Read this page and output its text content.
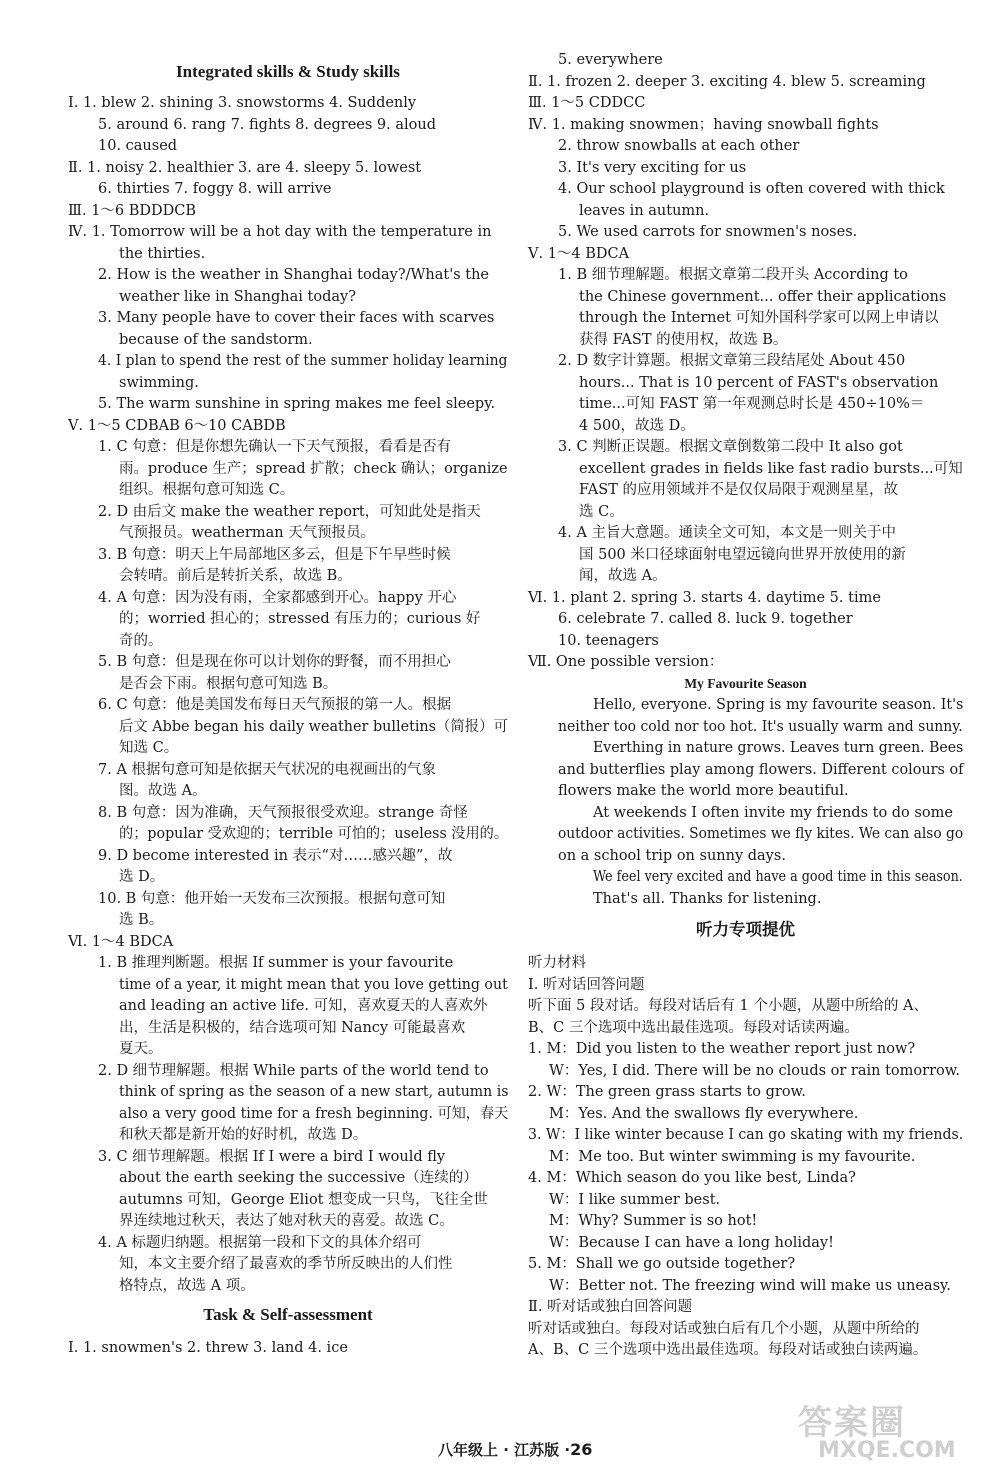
Integrated skills & Study skills
Ⅰ. 1. blew 2. shining 3. snowstorms 4. Suddenly
5. around 6. rang 7. fights 8. degrees 9. aloud
10. caused
Ⅱ. 1. noisy 2. healthier 3. are 4. sleepy 5. lowest
6. thirties 7. foggy 8. will arrive
Ⅲ. 1～6 BDDDCB
Ⅳ. 1. Tomorrow will be a hot day with the temperature in
the thirties.
2. How is the weather in Shanghai today?/What's the
weather like in Shanghai today?
3. Many people have to cover their faces with scarves
because of the sandstorm.
4. I plan to spend the rest of the summer holiday learning
swimming.
5. The warm sunshine in spring makes me feel sleepy.
Ⅴ. 1～5 CDBAB 6～10 CABDB
1. C 句意：但是你想先确认一下天气预报，看看是否有
雨。produce 生产；spread 扩散；check 确认；organize
组织。根据句意可知选 C。
2. D 由后文 make the weather report，可知此处是指天
气预报员。weatherman 天气预报员。
3. B 句意：明天上午局部地区多云，但是下午早些时候
会转晴。前后是转折关系，故选 B。
4. A 句意：因为没有雨，全家都感到开心。happy 开心
的；worried 担心的；stressed 有压力的；curious 好
奇的。
5. B 句意：但是现在你可以计划你的野餐，而不用担心
是否会下雨。根据句意可知选 B。
6. C 句意：他是美国发布每日天气预报的第一人。根据
后文 Abbe began his daily weather bulletins（简报）可
知选 C。
7. A 根据句意可知是依据天气状况的电视画出的气象
图。故选 A。
8. B 句意：因为准确，天气预报很受欢迎。strange 奇怪
的；popular 受欢迎的；terrible 可怕的；useless 没用的。
9. D become interested in 表示“对……感兴趣”，故
选 D。
10. B 句意：他开始一天发布三次预报。根据句意可知
选 B。
Ⅵ. 1～4 BDCA
1. B 推理判断题。根据 If summer is your favourite
time of a year, it might mean that you love getting out
and leading an active life. 可知，喜欢夏天的人喜欢外
出，生活是积极的，结合选项可知 Nancy 可能最喜欢
夏天。
2. D 细节理解题。根据 While parts of the world tend to
think of spring as the season of a new start, autumn is
also a very good time for a fresh beginning. 可知，春天
和秋天都是新开始的好时机，故选 D。
3. C 细节理解题。根据 If I were a bird I would fly
about the earth seeking the successive（连续的）
autumns 可知，George Eliot 想变成一只鸟，飞往全世
界连续地过秋天，表达了她对秋天的喜爱。故选 C。
4. A 标题归纳题。根据第一段和下文的具体介绍可
知，本文主要介绍了最喜欢的季节所反映出的人们性
格特点，故选 A 项。
Task & Self-assessment
Ⅰ. 1. snowmen's 2. threw 3. land 4. ice
5. everywhere
Ⅱ. 1. frozen 2. deeper 3. exciting 4. blew 5. screaming
Ⅲ. 1～5 CDDCC
Ⅳ. 1. making snowmen；having snowball fights
2. throw snowballs at each other
3. It's very exciting for us
4. Our school playground is often covered with thick
leaves in autumn.
5. We used carrots for snowmen's noses.
Ⅴ. 1～4 BDCA
1. B 细节理解题。根据文章第二段开头 According to
the Chinese government... offer their applications
through the Internet 可知外国科学家可以网上申请以
获得 FAST 的使用权，故选 B。
2. D 数字计算题。根据文章第三段结尾处 About 450
hours... That is 10 percent of FAST's observation
time...可知 FAST 第一年观测总时长是 450÷10%＝
4 500，故选 D。
3. C 判断正误题。根据文章倒数第二段中 It also got
excellent grades in fields like fast radio bursts...可知
FAST 的应用领域并不是仅仅局限于观测星星，故
选 C。
4. A 主旨大意题。通读全文可知，本文是一则关于中
国 500 米口径球面射电望远镜向世界开放使用的新
闻，故选 A。
Ⅵ. 1. plant 2. spring 3. starts 4. daytime 5. time
6. celebrate 7. called 8. luck 9. together
10. teenagers
Ⅶ. One possible version：
My Favourite Season
Hello, everyone. Spring is my favourite season. It's
neither too cold nor too hot. It's usually warm and sunny.
Everthing in nature grows. Leaves turn green. Bees
and butterflies play among flowers. Different colours of
flowers make the world more beautiful.
At weekends I often invite my friends to do some
outdoor activities. Sometimes we fly kites. We can also go
on a school trip on sunny days.
We feel very excited and have a good time in this season.
That's all. Thanks for listening.
听力专项提优
听力材料
Ⅰ. 听对话回答问题
听下面 5 段对话。每段对话后有 1 个小题，从题中所给的 A、
B、C 三个选项中选出最佳选项。每段对话读两遍。
1. M：Did you listen to the weather report just now?
W：Yes, I did. There will be no clouds or rain tomorrow.
2. W：The green grass starts to grow.
M：Yes. And the swallows fly everywhere.
3. W：I like winter because I can go skating with my friends.
M：Me too. But winter swimming is my favourite.
4. M：Which season do you like best, Linda?
W：I like summer best.
M：Why? Summer is so hot!
W：Because I can have a long holiday!
5. M：Shall we go outside together?
W：Better not. The freezing wind will make us uneasy.
Ⅱ. 听对话或独白回答问题
听对话或独白。每段对话或独白后有几个小题，从题中所给的
A、B、C 三个选项中选出最佳选项。每段对话或独白读两遍。
八年级上 · 江苏版 ·26
答案圈
MXQE.COM
